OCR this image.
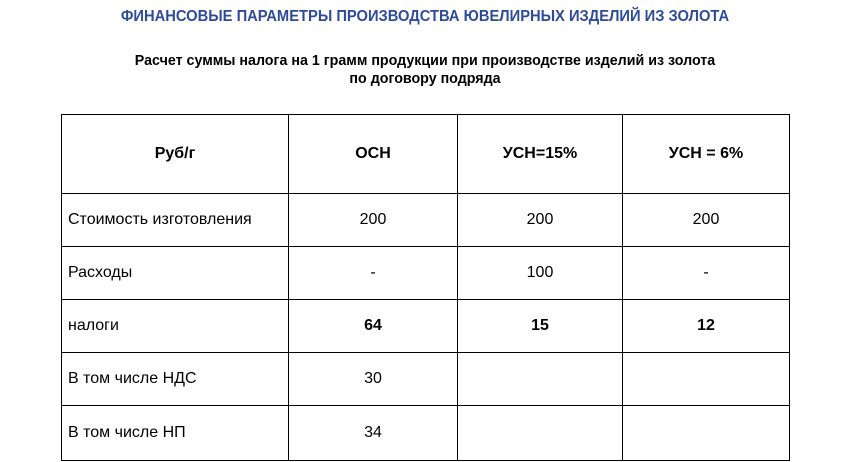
ФИНАНСОВЫЕ ПАРАМЕТРЫ ПРОИЗВОДСТВА ЮВЕЛИРНЫХ ИЗДЕЛИЙ ИЗ ЗОЛОТА
Расчет суммы налога на 1 грамм продукции при производстве изделий из золота
по договору подряда
Руб/г	ОСН	УСН=15%	УСН = 6%
Стоимость изготовления	200	200	200
Расходы	-	100	-
налоги	64	15	12
В том числе НДС	30		
В том числе НП	34		
